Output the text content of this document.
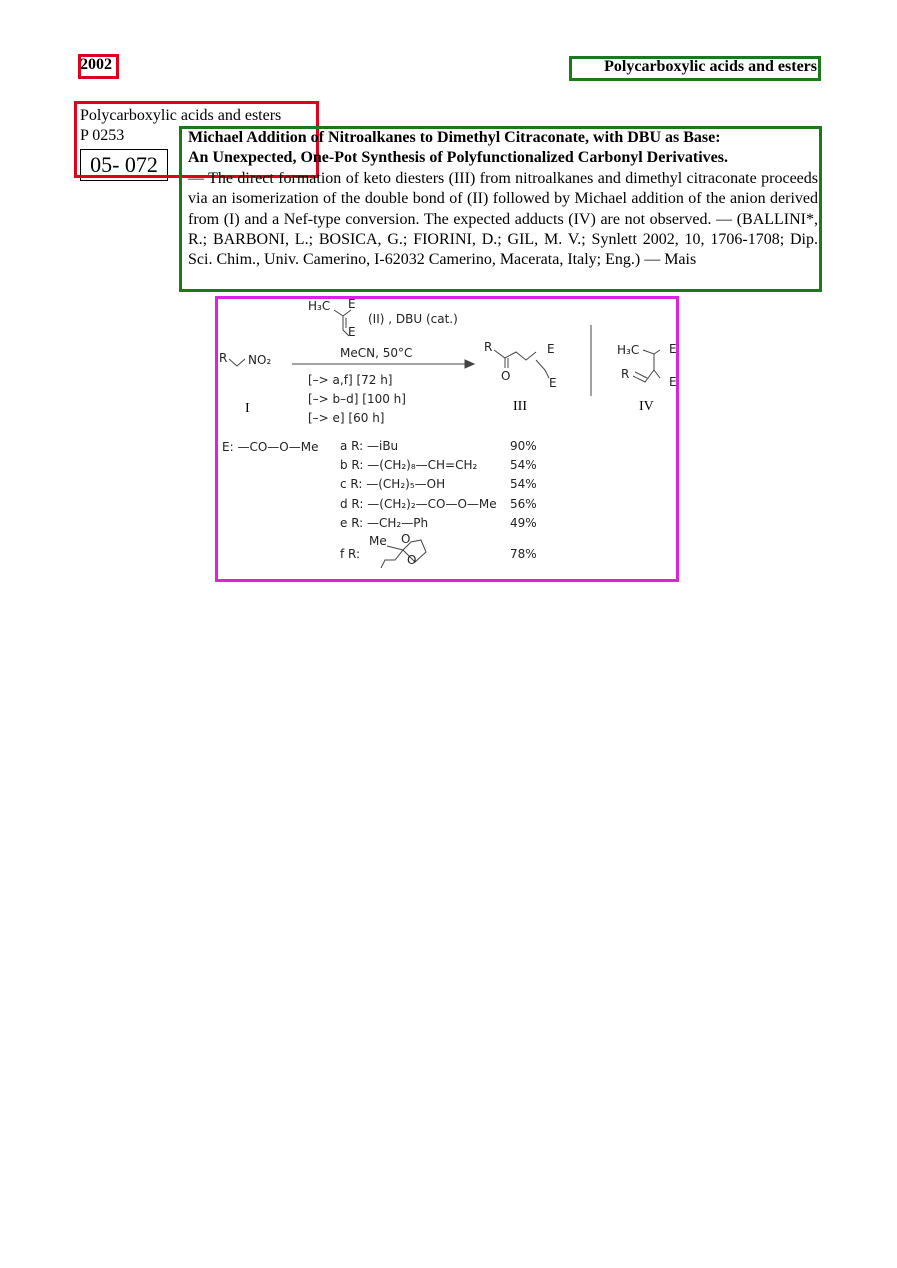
2002	Polycarboxylic acids and esters
Polycarboxylic acids and esters
P 0253
05- 072
Michael Addition of Nitroalkanes to Dimethyl Citraconate, with DBU as Base:
An Unexpected, One-Pot Synthesis of Polyfunctionalized Carbonyl Derivatives.
— The direct formation of keto diesters (III) from nitroalkanes and dimethyl citraconate proceeds via an isomerization of the double bond of (II) followed by Michael addition of the anion derived from (I) and a Nef-type conversion. The expected adducts (IV) are not observed. — (BALLINI*, R.; BARBONI, L.; BOSICA, G.; FIORINI, D.; GIL, M. V.; Synlett 2002, 10, 1706-1708; Dip. Sci. Chim., Univ. Camerino, I-62032 Camerino, Macerata, Italy; Eng.) — Mais
H₃C E
E
(II) , DBU (cat.)
R NO₂
I
MeCN, 50°C
[–> a,f] [72 h]
[–> b–d] [100 h]
[–> e] [60 h]
R
O
E
E
III
H₃C E
R
E
IV
E: —CO—O—Me a R: —iBu	90%
b R: —(CH₂)₈—CH=CH₂	54%
c R: —(CH₂)₅—OH	54%
d R: —(CH₂)₂—CO—O—Me 56%
e R: —CH₂—Ph	49%
f R:	78%
Me O
O
